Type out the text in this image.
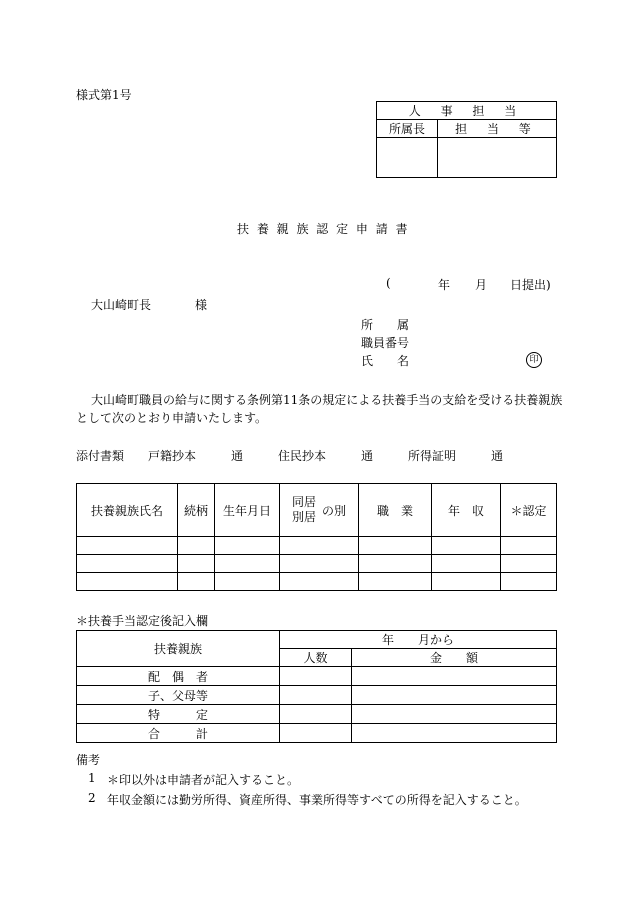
様式第1号
人 事 担 当	
所属長	担 当 等

扶 養 親 族 認 定 申 請 書
(	年 月 日提出)
大山崎町長	様
所　　属
職員番号
氏　　名	印
大山崎町職員の給与に関する条例第11条の規定による扶養手当の支給を受ける扶養親族
として次のとおり申請いたします。
添付書類 戸籍抄本	通	住民抄本	通	所得証明	通
扶養親族氏名	続柄	生年月日	同居
別居 の別	職　業	年　収	＊認定

＊扶養手当認定後記入欄
扶養親族	年　　月から	
	人数	金　　額
配　偶　者		
子、父母等		
特　　　定		
合　　　計		
備考
1 ＊印以外は申請者が記入すること。
2 年収金額には勤労所得、資産所得、事業所得等すべての所得を記入すること。
